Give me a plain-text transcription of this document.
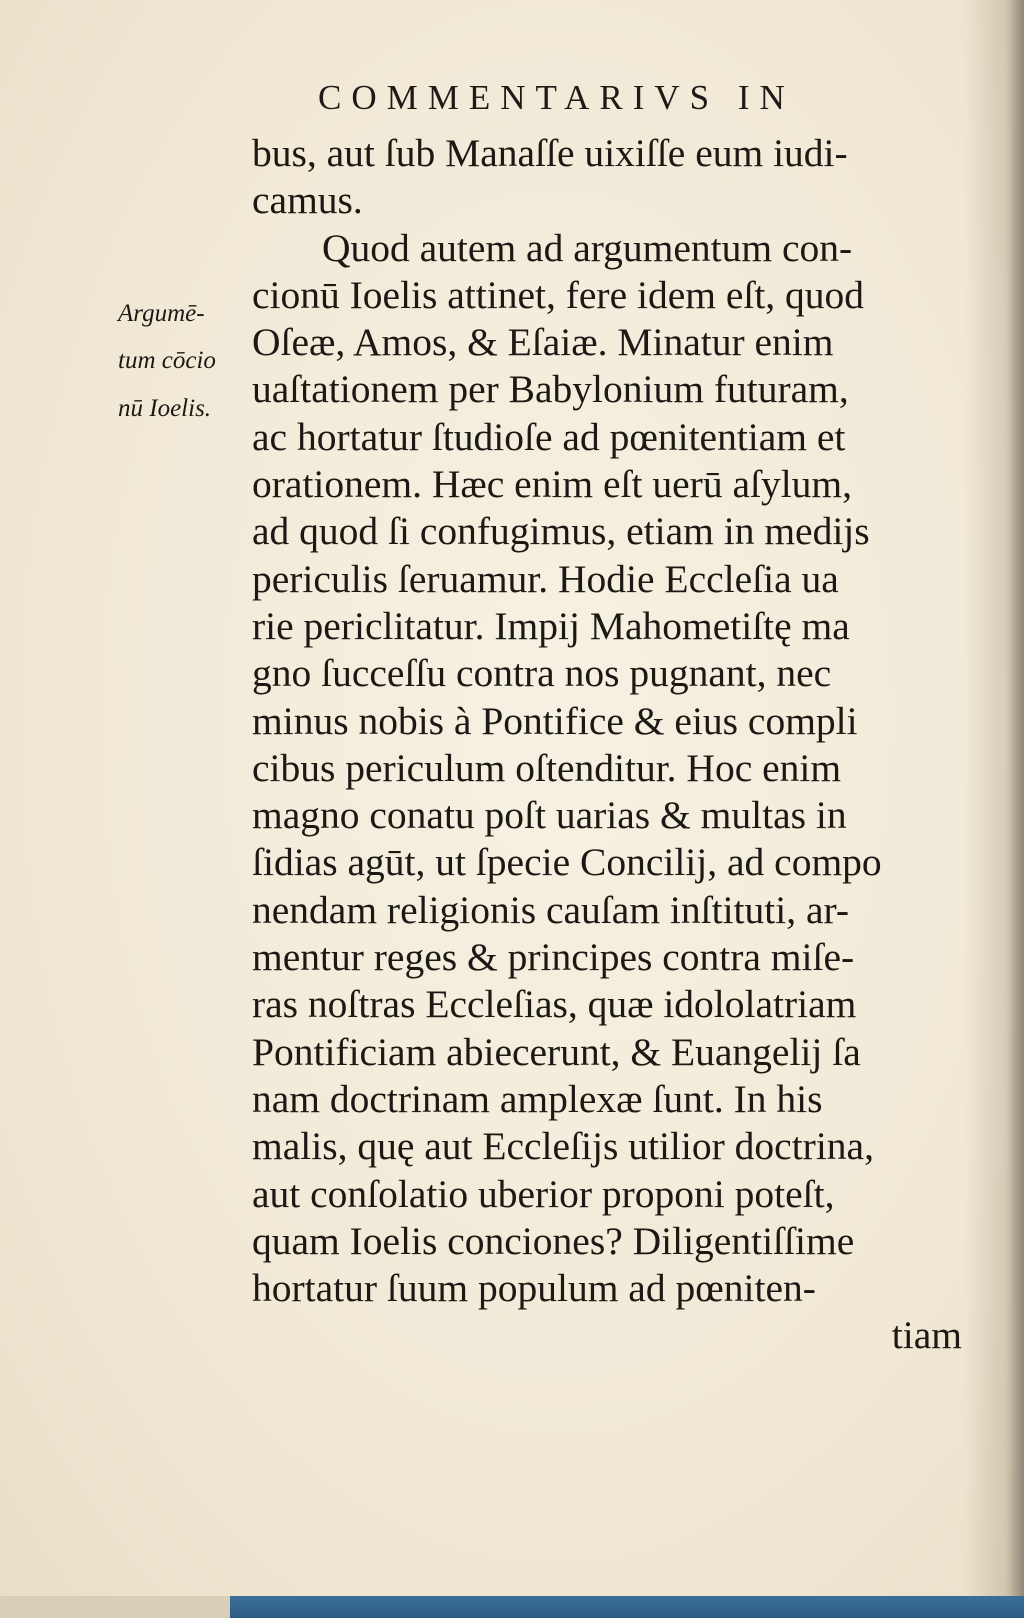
COMMENTARIVS IN
Argumē-
tum cōcio
nū Ioelis.
bus, aut ſub Manaſſe uixiſſe eum iudi-
camus.
Quod autem ad argumentum con-
cionū Ioelis attinet, fere idem eſt, quod
Oſeæ, Amos, & Eſaiæ. Minatur enim
uaſtationem per Babylonium futuram,
ac hortatur ſtudioſe ad pœnitentiam et
orationem. Hæc enim eſt uerū aſylum,
ad quod ſi confugimus, etiam in medijs
periculis ſeruamur. Hodie Eccleſia ua
rie periclitatur. Impij Mahometiſtę ma
gno ſucceſſu contra nos pugnant, nec
minus nobis à Pontifice & eius compli
cibus periculum oſtenditur. Hoc enim
magno conatu poſt uarias & multas in
ſidias agūt, ut ſpecie Concilij, ad compo
nendam religionis cauſam inſtituti, ar-
mentur reges & principes contra miſe-
ras noſtras Eccleſias, quæ idololatriam
Pontificiam abiecerunt, & Euangelij ſa
nam doctrinam amplexæ ſunt. In his
malis, quę aut Eccleſijs utilior doctrina,
aut conſolatio uberior proponi poteſt,
quam Ioelis conciones? Diligentiſſime
hortatur ſuum populum ad pœniten-
tiam
